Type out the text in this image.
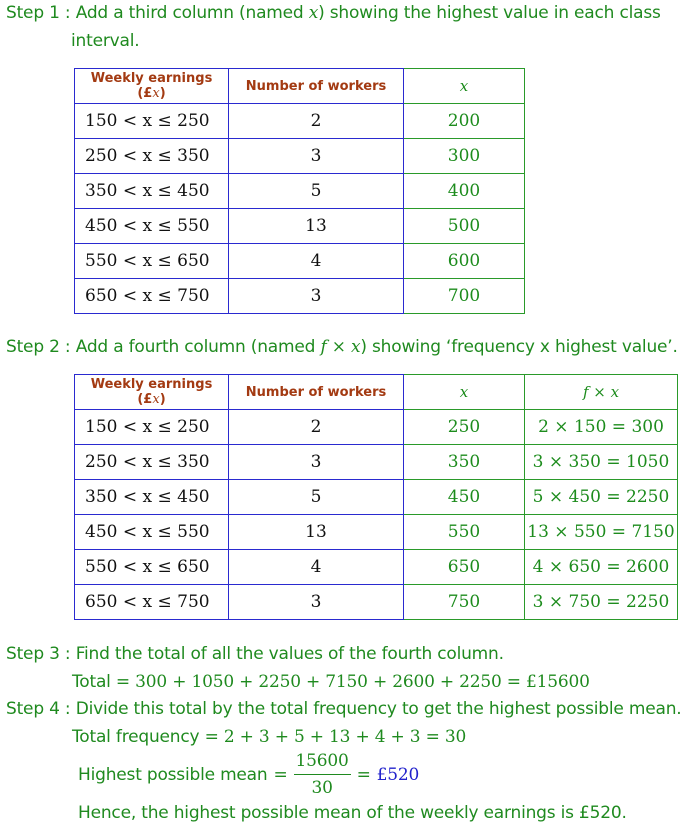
Step 1 : Add a third column (named x) showing the highest value in each class
interval.
Weekly earnings (£x)	Number of workers	x
150 < x ≤ 250	2	200
250 < x ≤ 350	3	300
350 < x ≤ 450	5	400
450 < x ≤ 550	13	500
550 < x ≤ 650	4	600
650 < x ≤ 750	3	700
Step 2 : Add a fourth column (named f × x) showing ‘frequency x highest value’.
Weekly earnings (£x)	Number of workers	x	f × x
150 < x ≤ 250	2	250	2 × 150 = 300
250 < x ≤ 350	3	350	3 × 350 = 1050
350 < x ≤ 450	5	450	5 × 450 = 2250
450 < x ≤ 550	13	550	13 × 550 = 7150
550 < x ≤ 650	4	650	4 × 650 = 2600
650 < x ≤ 750	3	750	3 × 750 = 2250
Step 3 : Find the total of all the values of the fourth column.
Total = 300 + 1050 + 2250 + 7150 + 2600 + 2250 = £15600
Step 4 : Divide this total by the total frequency to get the highest possible mean.
Total frequency = 2 + 3 + 5 + 13 + 4 + 3 = 30
Highest possible mean = $\frac{15600}{30}$ = £520
Hence, the highest possible mean of the weekly earnings is £520.
